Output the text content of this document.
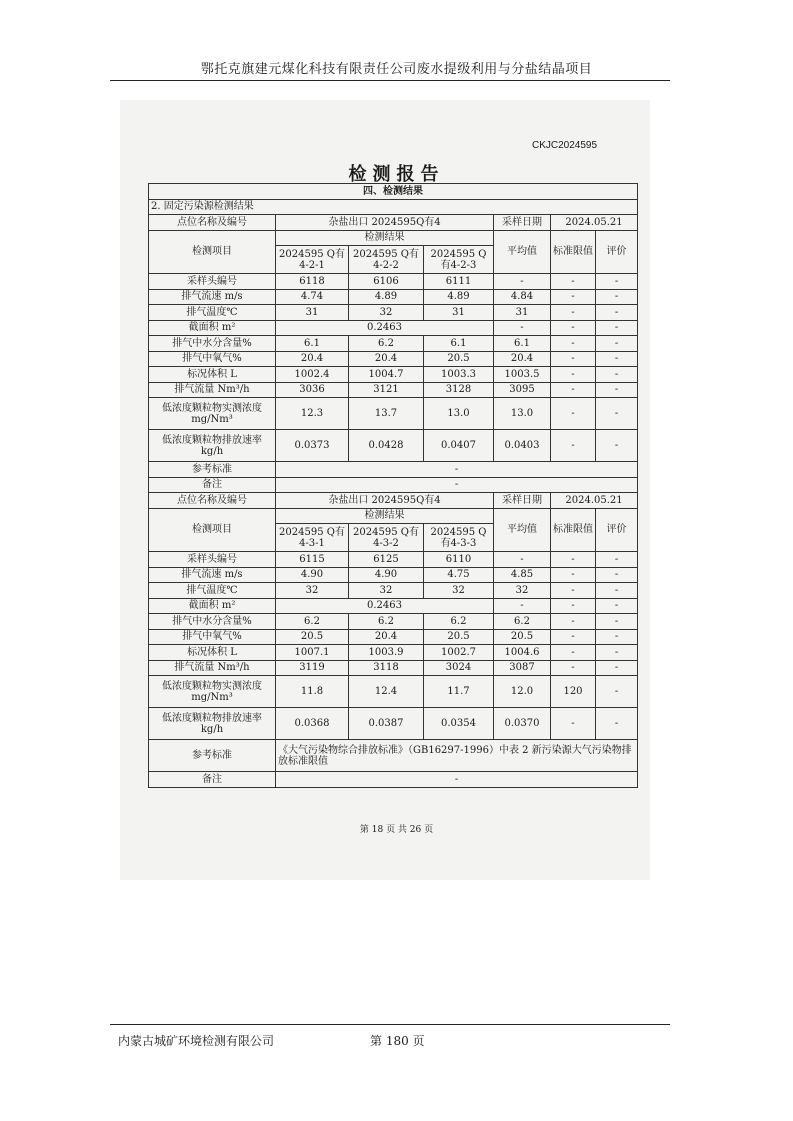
鄂托克旗建元煤化科技有限责任公司废水提级利用与分盐结晶项目
CKJC2024595
检测报告
四、检测结果						
2. 固定污染源检测结果						
点位名称及编号	杂盐出口 2024595Q有4			采样日期	2024.05.21	
检测项目	检测结果			平均值	标准限值	评价
	2024595 Q有4-2-1	2024595 Q有4-2-2	2024595 Q有4-2-3			
采样头编号	6118	6106	6111	-	-	-
排气流速 m/s	4.74	4.89	4.89	4.84	-	-
排气温度℃	31	32	31	31	-	-
截面积 m²	0.2463			-	-	-
排气中水分含量%	6.1	6.2	6.1	6.1	-	-
排气中氧气%	20.4	20.4	20.5	20.4	-	-
标况体积 L	1002.4	1004.7	1003.3	1003.5	-	-
排气流量 Nm³/h	3036	3121	3128	3095	-	-
低浓度颗粒物实测浓度mg/Nm³	12.3	13.7	13.0	13.0	-	-
低浓度颗粒物排放速率kg/h	0.0373	0.0428	0.0407	0.0403	-	-
参考标准	-					
备注	-					
点位名称及编号	杂盐出口 2024595Q有4			采样日期	2024.05.21	
检测项目	检测结果			平均值	标准限值	评价
	2024595 Q有4-3-1	2024595 Q有4-3-2	2024595 Q有4-3-3			
采样头编号	6115	6125	6110	-	-	-
排气流速 m/s	4.90	4.90	4.75	4.85	-	-
排气温度℃	32	32	32	32	-	-
截面积 m²	0.2463			-	-	-
排气中水分含量%	6.2	6.2	6.2	6.2	-	-
排气中氧气%	20.5	20.4	20.5	20.5	-	-
标况体积 L	1007.1	1003.9	1002.7	1004.6	-	-
排气流量 Nm³/h	3119	3118	3024	3087	-	-
低浓度颗粒物实测浓度mg/Nm³	11.8	12.4	11.7	12.0	120	-
低浓度颗粒物排放速率kg/h	0.0368	0.0387	0.0354	0.0370	-	-
参考标准	《大气污染物综合排放标准》（GB16297-1996）中表 2 新污染源大气污染物排放标准限值					
备注	-					
第 18 页 共 26 页
内蒙古城矿环境检测有限公司	第 180 页
